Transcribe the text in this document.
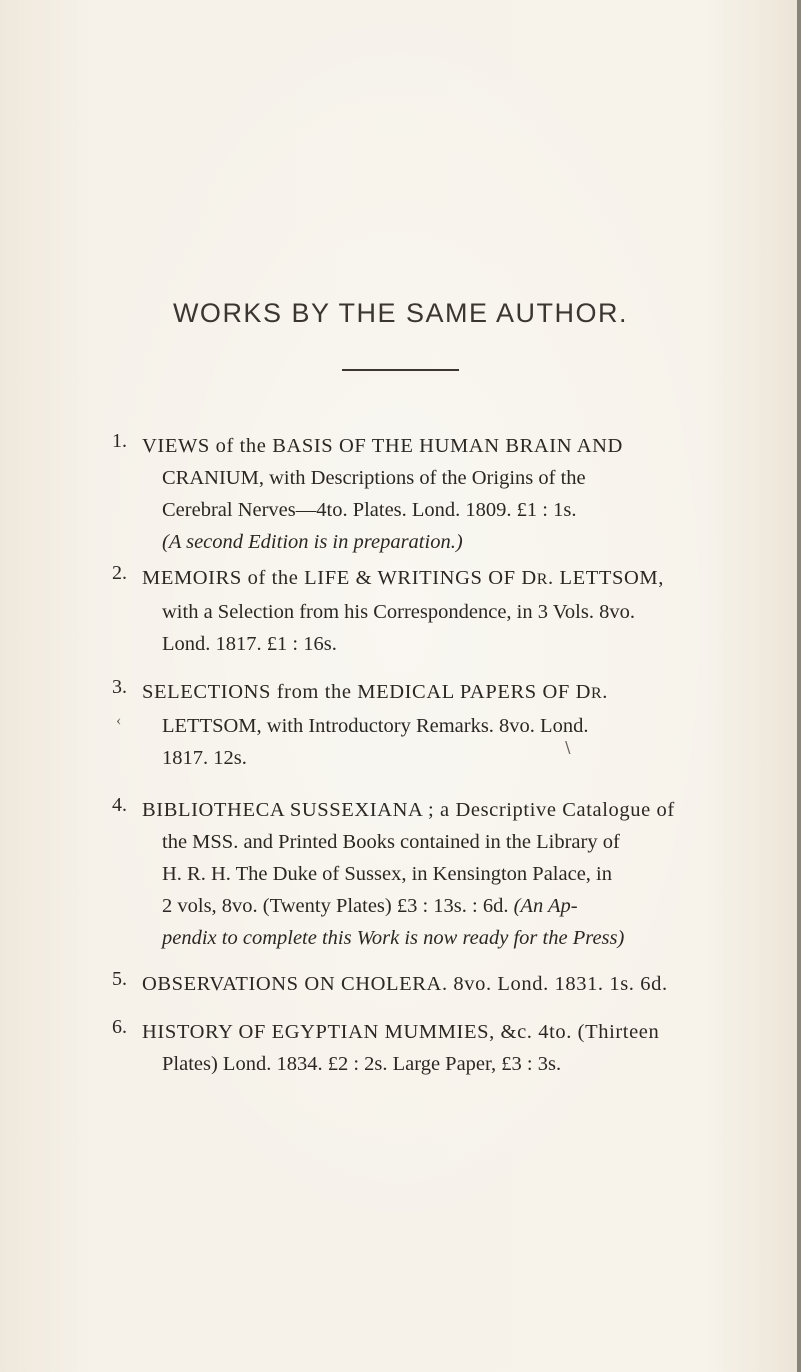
WORKS BY THE SAME AUTHOR.
1. VIEWS of the BASIS OF THE HUMAN BRAIN AND
CRANIUM, with Descriptions of the Origins of the
Cerebral Nerves—4to. Plates. Lond. 1809. £1 : 1s.
(A second Edition is in preparation.)
2. MEMOIRS of the LIFE & WRITINGS OF DR. LETTSOM,
with a Selection from his Correspondence, in 3 Vols. 8vo.
Lond. 1817. £1 : 16s.
3. SELECTIONS from the MEDICAL PAPERS OF DR.
LETTSOM, with Introductory Remarks. 8vo. Lond.
1817. 12s.
4. BIBLIOTHECA SUSSEXIANA ; a Descriptive Catalogue of
the MSS. and Printed Books contained in the Library of
H. R. H. The Duke of Sussex, in Kensington Palace, in
2 vols, 8vo. (Twenty Plates) £3 : 13s. : 6d. (An Ap-
pendix to complete this Work is now ready for the Press)
5. OBSERVATIONS ON CHOLERA. 8vo. Lond. 1831. 1s. 6d.
6. HISTORY OF EGYPTIAN MUMMIES, &c. 4to. (Thirteen
Plates) Lond. 1834. £2 : 2s. Large Paper, £3 : 3s.
‹
∖
